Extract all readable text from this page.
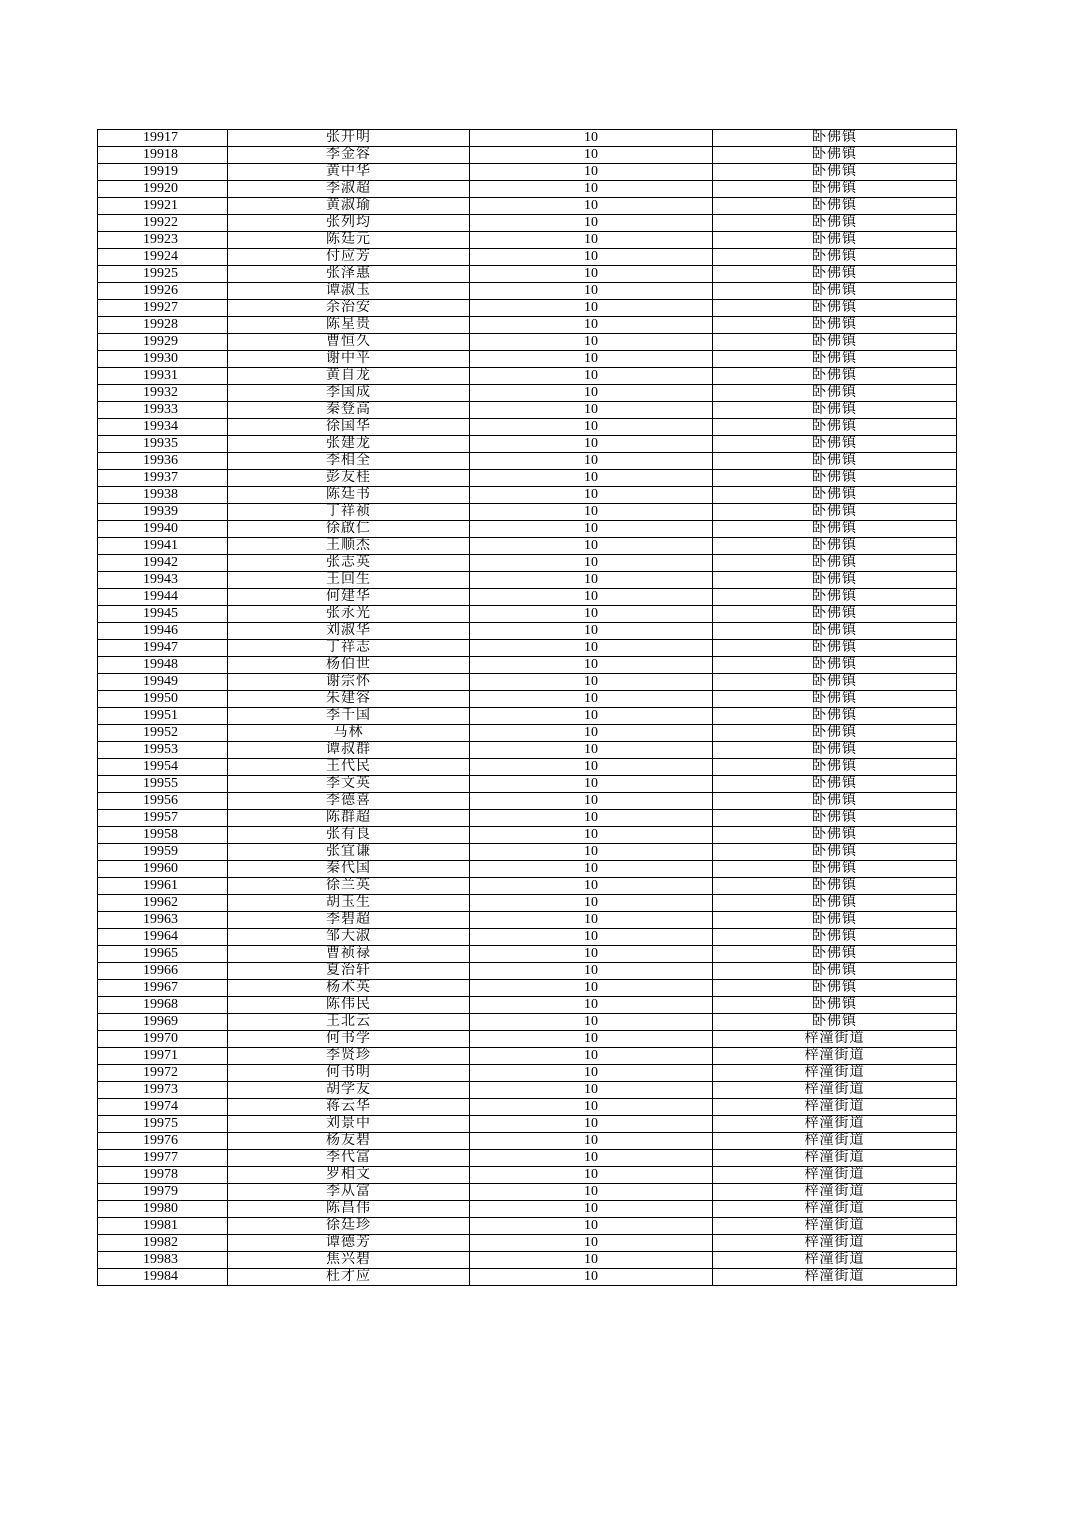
19917	张开明	10	卧佛镇
19918	李金容	10	卧佛镇
19919	黄中华	10	卧佛镇
19920	李淑超	10	卧佛镇
19921	黄淑瑜	10	卧佛镇
19922	张列均	10	卧佛镇
19923	陈廷元	10	卧佛镇
19924	付应芳	10	卧佛镇
19925	张泽惠	10	卧佛镇
19926	谭淑玉	10	卧佛镇
19927	余治安	10	卧佛镇
19928	陈星贵	10	卧佛镇
19929	曹恒久	10	卧佛镇
19930	谢中平	10	卧佛镇
19931	黄自龙	10	卧佛镇
19932	李国成	10	卧佛镇
19933	秦登高	10	卧佛镇
19934	徐国华	10	卧佛镇
19935	张建龙	10	卧佛镇
19936	李相全	10	卧佛镇
19937	彭友桂	10	卧佛镇
19938	陈廷书	10	卧佛镇
19939	丁祥祯	10	卧佛镇
19940	徐啟仁	10	卧佛镇
19941	王顺杰	10	卧佛镇
19942	张志英	10	卧佛镇
19943	王回生	10	卧佛镇
19944	何建华	10	卧佛镇
19945	张永光	10	卧佛镇
19946	刘淑华	10	卧佛镇
19947	丁祥志	10	卧佛镇
19948	杨伯世	10	卧佛镇
19949	谢宗怀	10	卧佛镇
19950	朱建容	10	卧佛镇
19951	李千国	10	卧佛镇
19952	马林	10	卧佛镇
19953	谭叔群	10	卧佛镇
19954	王代民	10	卧佛镇
19955	李文英	10	卧佛镇
19956	李德喜	10	卧佛镇
19957	陈群超	10	卧佛镇
19958	张有良	10	卧佛镇
19959	张宜谦	10	卧佛镇
19960	秦代国	10	卧佛镇
19961	徐兰英	10	卧佛镇
19962	胡玉生	10	卧佛镇
19963	李碧超	10	卧佛镇
19964	邹大淑	10	卧佛镇
19965	曹祯禄	10	卧佛镇
19966	夏治轩	10	卧佛镇
19967	杨术英	10	卧佛镇
19968	陈伟民	10	卧佛镇
19969	王北云	10	卧佛镇
19970	何书学	10	梓潼街道
19971	李贤珍	10	梓潼街道
19972	何书明	10	梓潼街道
19973	胡学友	10	梓潼街道
19974	蒋云华	10	梓潼街道
19975	刘景中	10	梓潼街道
19976	杨友碧	10	梓潼街道
19977	李代富	10	梓潼街道
19978	罗相文	10	梓潼街道
19979	李从富	10	梓潼街道
19980	陈昌伟	10	梓潼街道
19981	徐廷珍	10	梓潼街道
19982	谭德芳	10	梓潼街道
19983	焦兴碧	10	梓潼街道
19984	杜才应	10	梓潼街道
